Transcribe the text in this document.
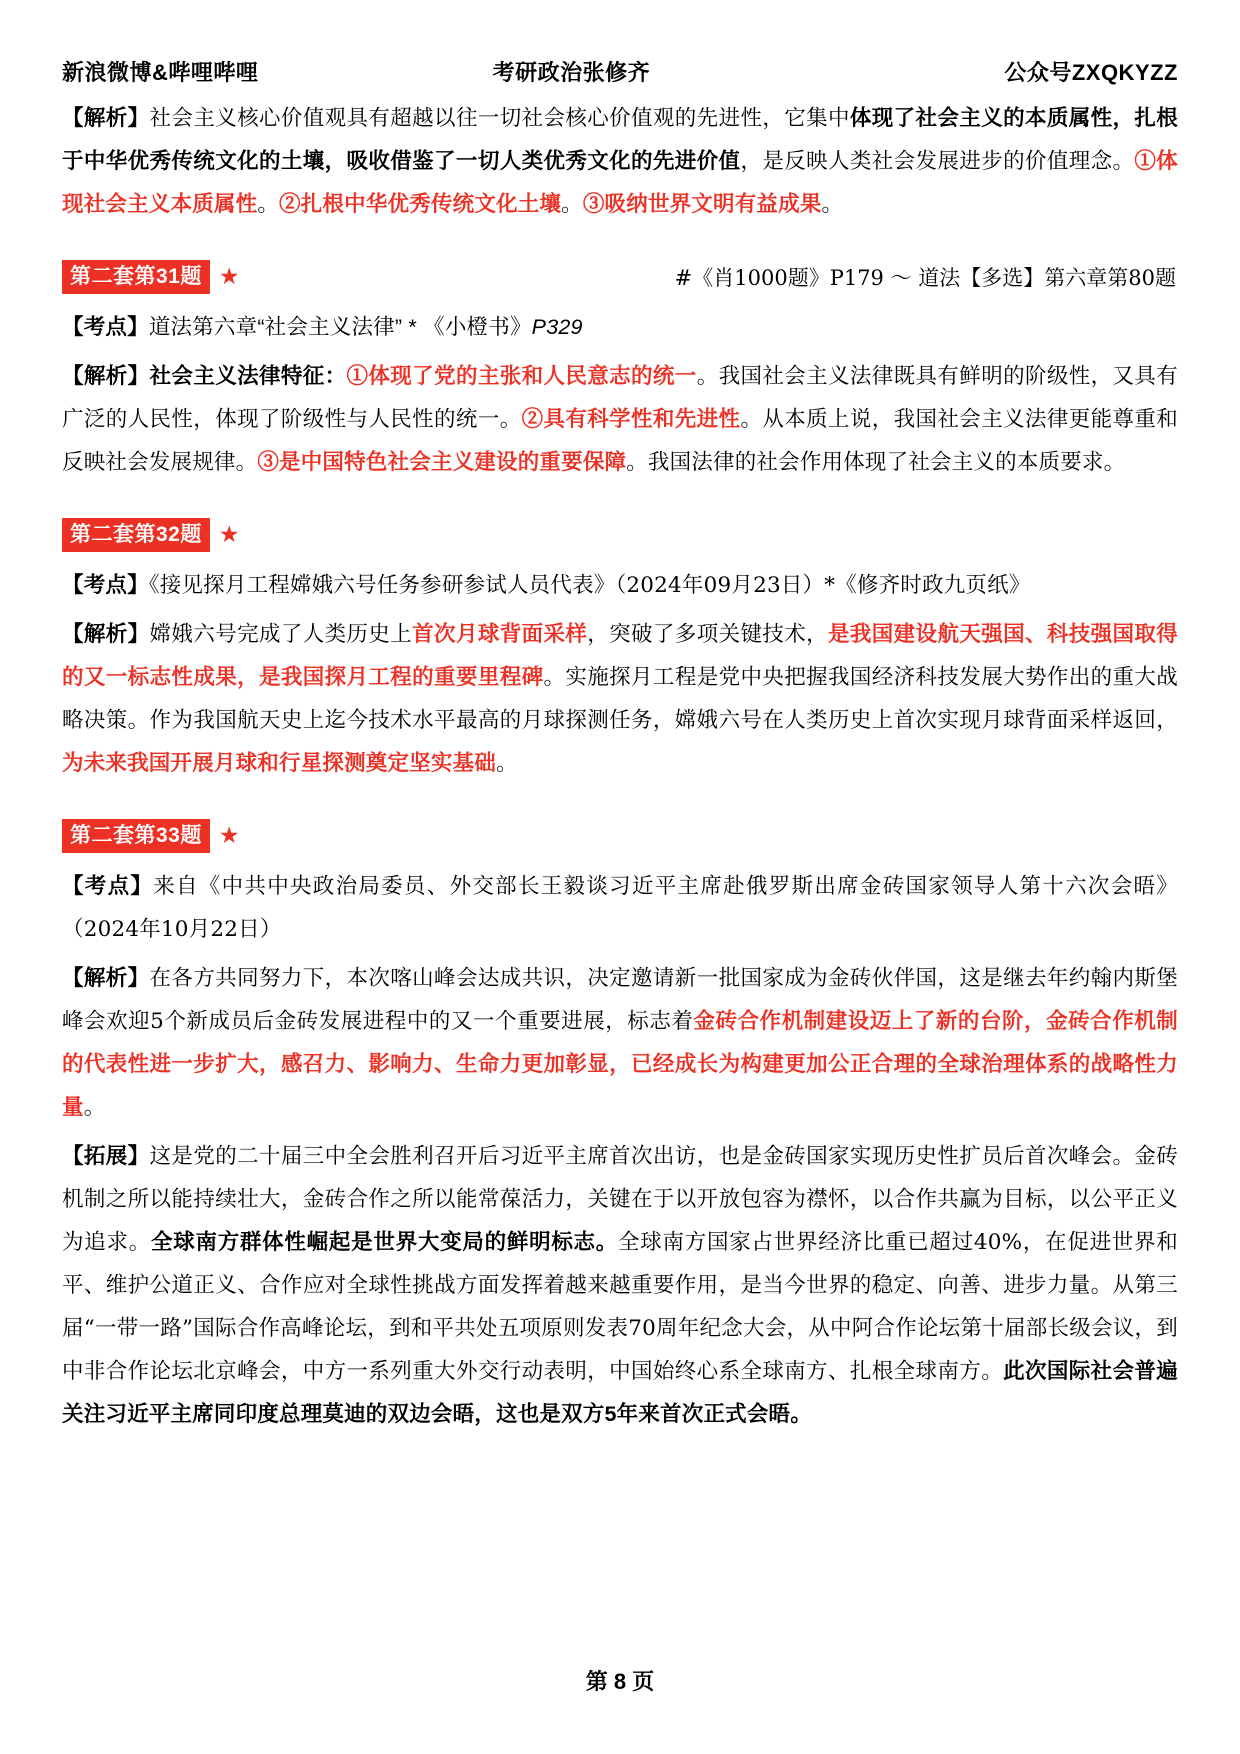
新浪微博&哔哩哔哩	考研政治张修齐	公众号ZXQKYZZ

【解析】社会主义核心价值观具有超越以往一切社会核心价值观的先进性，它集中体现了社会主义的本质属性，扎根于中华优秀传统文化的土壤，吸收借鉴了一切人类优秀文化的先进价值，是反映人类社会发展进步的价值理念。①体现社会主义本质属性。②扎根中华优秀传统文化土壤。③吸纳世界文明有益成果。

第二套第31题 ★	#《肖1000题》P179 ～ 道法【多选】第六章第80题

【考点】道法第六章“社会主义法律” * 《小橙书》P329

【解析】社会主义法律特征：①体现了党的主张和人民意志的统一。我国社会主义法律既具有鲜明的阶级性，又具有广泛的人民性，体现了阶级性与人民性的统一。②具有科学性和先进性。从本质上说，我国社会主义法律更能尊重和反映社会发展规律。③是中国特色社会主义建设的重要保障。我国法律的社会作用体现了社会主义的本质要求。

第二套第32题 ★

【考点】《接见探月工程嫦娥六号任务参研参试人员代表》（2024年09月23日）*《修齐时政九页纸》

【解析】嫦娥六号完成了人类历史上首次月球背面采样，突破了多项关键技术，是我国建设航天强国、科技强国取得的又一标志性成果，是我国探月工程的重要里程碑。实施探月工程是党中央把握我国经济科技发展大势作出的重大战略决策。作为我国航天史上迄今技术水平最高的月球探测任务，嫦娥六号在人类历史上首次实现月球背面采样返回，为未来我国开展月球和行星探测奠定坚实基础。

第二套第33题 ★

【考点】来自《中共中央政治局委员、外交部长王毅谈习近平主席赴俄罗斯出席金砖国家领导人第十六次会晤》（2024年10月22日）

【解析】在各方共同努力下，本次喀山峰会达成共识，决定邀请新一批国家成为金砖伙伴国，这是继去年约翰内斯堡峰会欢迎5个新成员后金砖发展进程中的又一个重要进展，标志着金砖合作机制建设迈上了新的台阶，金砖合作机制的代表性进一步扩大，感召力、影响力、生命力更加彰显，已经成长为构建更加公正合理的全球治理体系的战略性力量。

【拓展】这是党的二十届三中全会胜利召开后习近平主席首次出访，也是金砖国家实现历史性扩员后首次峰会。金砖机制之所以能持续壮大，金砖合作之所以能常葆活力，关键在于以开放包容为襟怀，以合作共赢为目标，以公平正义为追求。全球南方群体性崛起是世界大变局的鲜明标志。全球南方国家占世界经济比重已超过40%，在促进世界和平、维护公道正义、合作应对全球性挑战方面发挥着越来越重要作用，是当今世界的稳定、向善、进步力量。从第三届“一带一路”国际合作高峰论坛，到和平共处五项原则发表70周年纪念大会，从中阿合作论坛第十届部长级会议，到中非合作论坛北京峰会，中方一系列重大外交行动表明，中国始终心系全球南方、扎根全球南方。此次国际社会普遍关注习近平主席同印度总理莫迪的双边会晤，这也是双方5年来首次正式会晤。

第 8 页
